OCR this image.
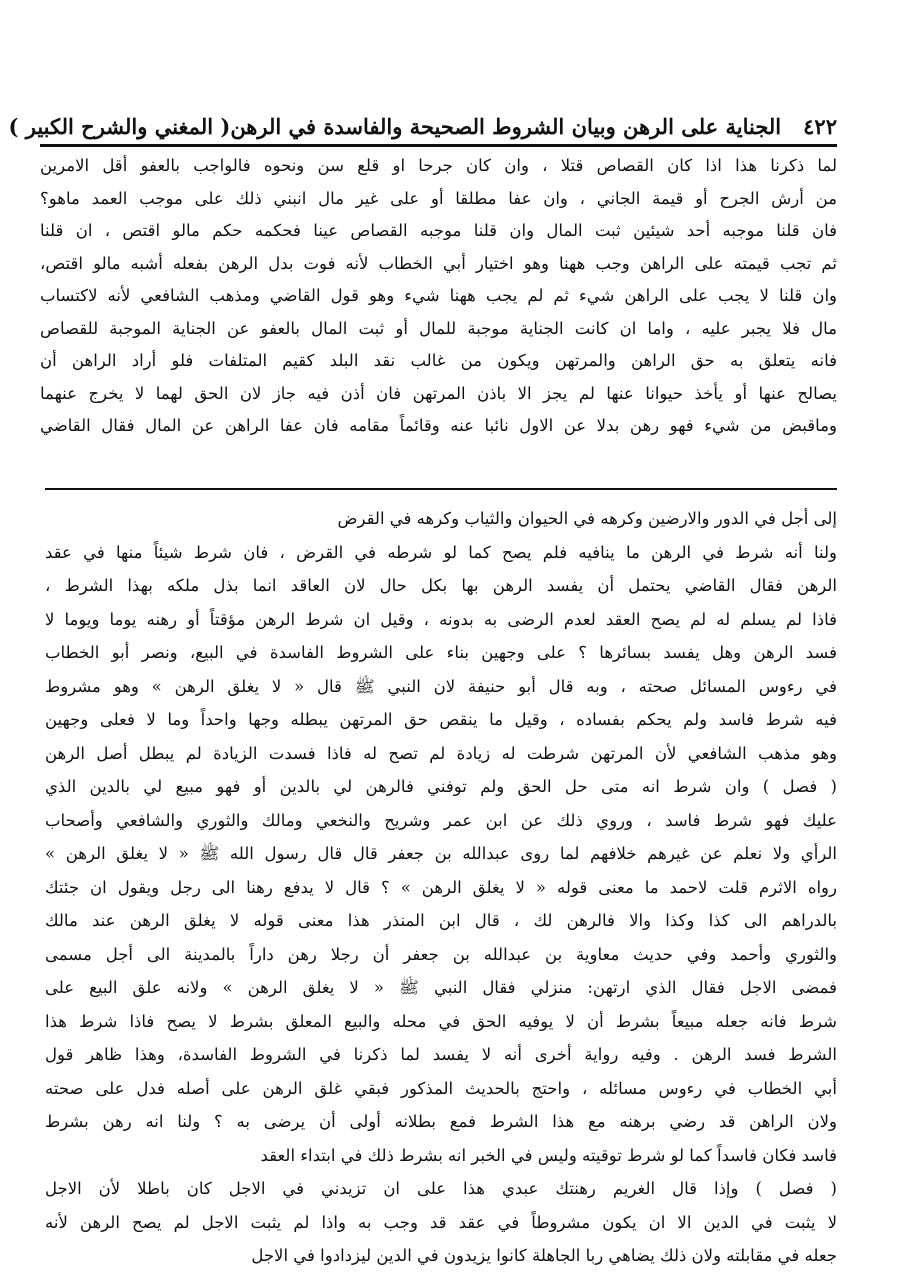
٤٢٢
الجناية على الرهن وبيان الشروط الصحيحة والفاسدة في الرهن
( المغني والشرح الكبير )
لما ذكرنا هذا اذا كان القصاص قتلا ، وان كان جرحا او قلع سن ونحوه فالواجب بالعفو أقل الامرين
من أرش الجرح أو قيمة الجاني ، وان عفا مطلقا أو على غير مال انبني ذلك على موجب العمد ماهو؟
فان قلنا موجبه أحد شيئين ثبت المال وان قلنا موجبه القصاص عينا فحكمه حكم مالو اقتص ، ان قلنا
ثم تجب قيمته على الراهن وجب ههنا وهو اختيار أبي الخطاب لأنه فوت بدل الرهن بفعله أشبه مالو اقتص،
وان قلنا لا يجب على الراهن شيء ثم لم يجب ههنا شيء وهو قول القاضي ومذهب الشافعي لأنه لاكتساب
مال فلا يجبر عليه ، واما ان كانت الجناية موجبة للمال أو ثبت المال بالعفو عن الجناية الموجبة للقصاص
فانه يتعلق به حق الراهن والمرتهن ويكون من غالب نقد البلد كقيم المتلفات فلو أراد الراهن أن
يصالح عنها أو يأخذ حيوانا عنها لم يجز الا باذن المرتهن فان أذن فيه جاز لان الحق لهما لا يخرج عنهما
وماقبض من شيء فهو رهن بدلا عن الاول نائبا عنه وقائماً مقامه فان عفا الراهن عن المال فقال القاضي
إلى أجل في الدور والارضين وكرهه في الحيوان والثياب وكرهه في القرض
ولنا أنه شرط في الرهن ما ينافيه فلم يصح كما لو شرطه في القرض ، فان شرط شيئاً منها في عقد
الرهن فقال القاضي يحتمل أن يفسد الرهن بها بكل حال لان العاقد انما بذل ملكه بهذا الشرط ،
فاذا لم يسلم له لم يصح العقد لعدم الرضى به بدونه ، وقيل ان شرط الرهن مؤقتاً أو رهنه يوما ويوما لا
فسد الرهن وهل يفسد بسائرها ؟ على وجهين بناء على الشروط الفاسدة في البيع، ونصر أبو الخطاب
في رءوس المسائل صحته ، وبه قال أبو حنيفة لان النبي ﷺ قال « لا يغلق الرهن » وهو مشروط
فيه شرط فاسد ولم يحكم بفساده ، وقيل ما ينقص حق المرتهن يبطله وجها واحداً وما لا فعلى وجهين
وهو مذهب الشافعي لأن المرتهن شرطت له زيادة لم تصح له فاذا فسدت الزيادة لم يبطل أصل الرهن
( فصل ) وان شرط انه متى حل الحق ولم توفني فالرهن لي بالدين أو فهو مبيع لي بالدين الذي
عليك فهو شرط فاسد ، وروي ذلك عن ابن عمر وشريح والنخعي ومالك والثوري والشافعي وأصحاب
الرأي ولا نعلم عن غيرهم خلافهم لما روى عبدالله بن جعفر قال قال رسول الله ﷺ « لا يغلق الرهن »
رواه الاثرم قلت لاحمد ما معنى قوله « لا يغلق الرهن » ؟ قال لا يدفع رهنا الى رجل ويقول ان جئتك
بالدراهم الى كذا وكذا والا فالرهن لك ، قال ابن المنذر هذا معنى قوله لا يغلق الرهن عند مالك
والثوري وأحمد وفي حديث معاوية بن عبدالله بن جعفر أن رجلا رهن داراً بالمدينة الى أجل مسمى
فمضى الاجل فقال الذي ارتهن: منزلي فقال النبي ﷺ « لا يغلق الرهن » ولانه علق البيع على
شرط فانه جعله مبيعاً بشرط أن لا يوفيه الحق في محله والبيع المعلق بشرط لا يصح فاذا شرط هذا
الشرط فسد الرهن . وفيه رواية أخرى أنه لا يفسد لما ذكرنا في الشروط الفاسدة، وهذا ظاهر قول
أبي الخطاب في رءوس مسائله ، واحتج بالحديث المذكور فبقي غلق الرهن على أصله فدل على صحته
ولان الراهن قد رضي برهنه مع هذا الشرط فمع بطلانه أولى أن يرضى به ؟ ولنا انه رهن بشرط
فاسد فكان فاسداً كما لو شرط توقيته وليس في الخبر انه بشرط ذلك في ابتداء العقد
( فصل ) وإذا قال الغريم رهنتك عبدي هذا على ان تزيدني في الاجل كان باطلا لأن الاجل
لا يثبت في الدين الا ان يكون مشروطاً في عقد قد وجب به واذا لم يثبت الاجل لم يصح الرهن لأنه
جعله في مقابلته ولان ذلك يضاهي ربا الجاهلة كانوا يزيدون في الدين ليزدادوا في الاجل
